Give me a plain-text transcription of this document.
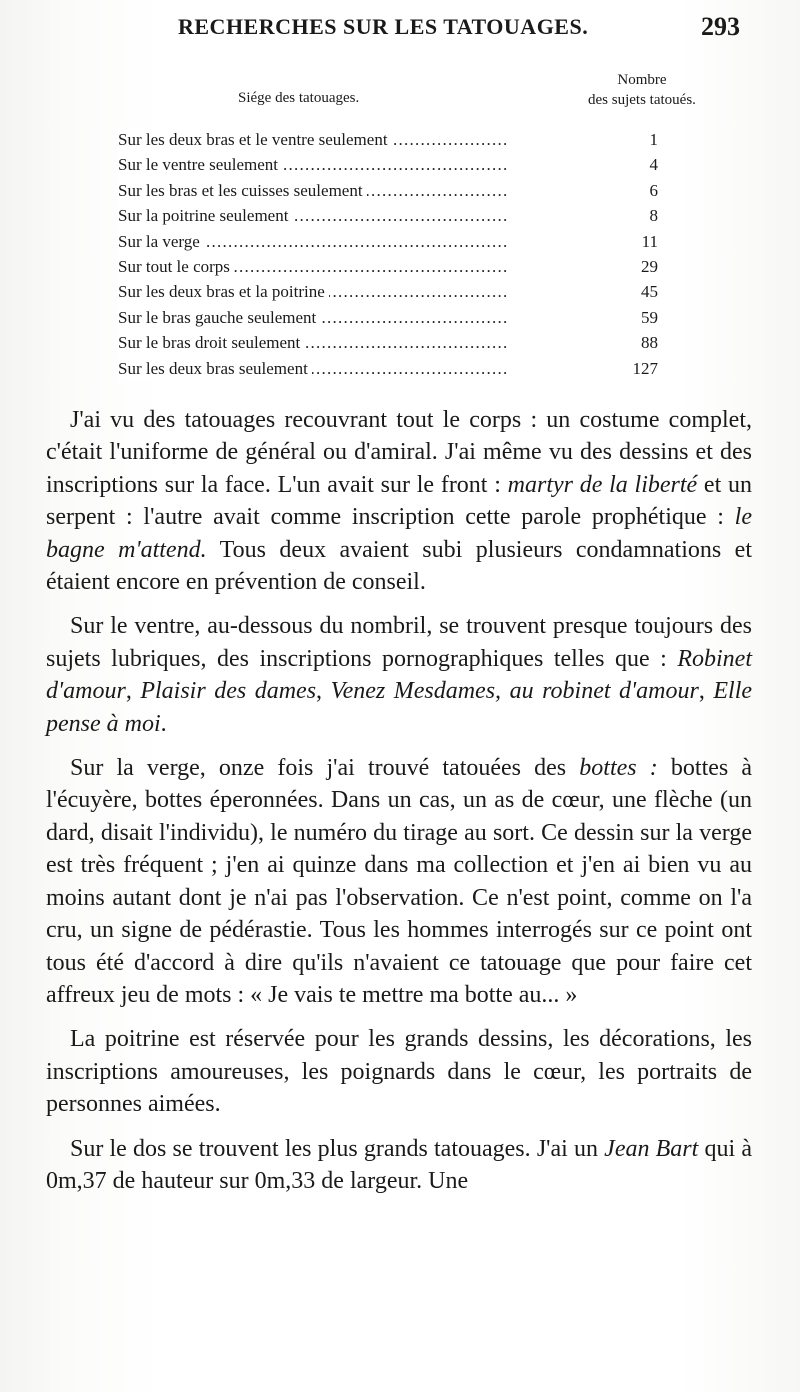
RECHERCHES SUR LES TATOUAGES.	293
Siége des tatouages.
Nombre
des sujets tatoués.
. . .
Sur les deux bras et le ventre seulement	1
. . .
Sur le ventre seulement	4
. . .
Sur les bras et les cuisses seulement	6
. . .
Sur la poitrine seulement	8
. . .
Sur la verge	11
. . .
Sur tout le corps	29
. . .
Sur les deux bras et la poitrine	45
. . .
Sur le bras gauche seulement	59
. . .
Sur le bras droit seulement	88
. . .
Sur les deux bras seulement	127

J'ai vu des tatouages recouvrant tout le corps : un costume complet, c'était l'uniforme de général ou d'amiral. J'ai même vu des dessins et des inscriptions sur la face. L'un avait sur le front : martyr de la liberté et un serpent : l'autre avait comme inscription cette parole prophétique : le bagne m'attend. Tous deux avaient subi plusieurs condamnations et étaient encore en prévention de conseil.

Sur le ventre, au-dessous du nombril, se trouvent presque toujours des sujets lubriques, des inscriptions pornographiques telles que : Robinet d'amour, Plaisir des dames, Venez Mesdames, au robinet d'amour, Elle pense à moi.

Sur la verge, onze fois j'ai trouvé tatouées des bottes : bottes à l'écuyère, bottes éperonnées. Dans un cas, un as de cœur, une flèche (un dard, disait l'individu), le numéro du tirage au sort. Ce dessin sur la verge est très fréquent ; j'en ai quinze dans ma collection et j'en ai bien vu au moins autant dont je n'ai pas l'observation. Ce n'est point, comme on l'a cru, un signe de pédérastie. Tous les hommes interrogés sur ce point ont tous été d'accord à dire qu'ils n'avaient ce tatouage que pour faire cet affreux jeu de mots : « Je vais te mettre ma botte au... »

La poitrine est réservée pour les grands dessins, les décorations, les inscriptions amoureuses, les poignards dans le cœur, les portraits de personnes aimées.

Sur le dos se trouvent les plus grands tatouages. J'ai un Jean Bart qui à 0m,37 de hauteur sur 0m,33 de largeur. Une
